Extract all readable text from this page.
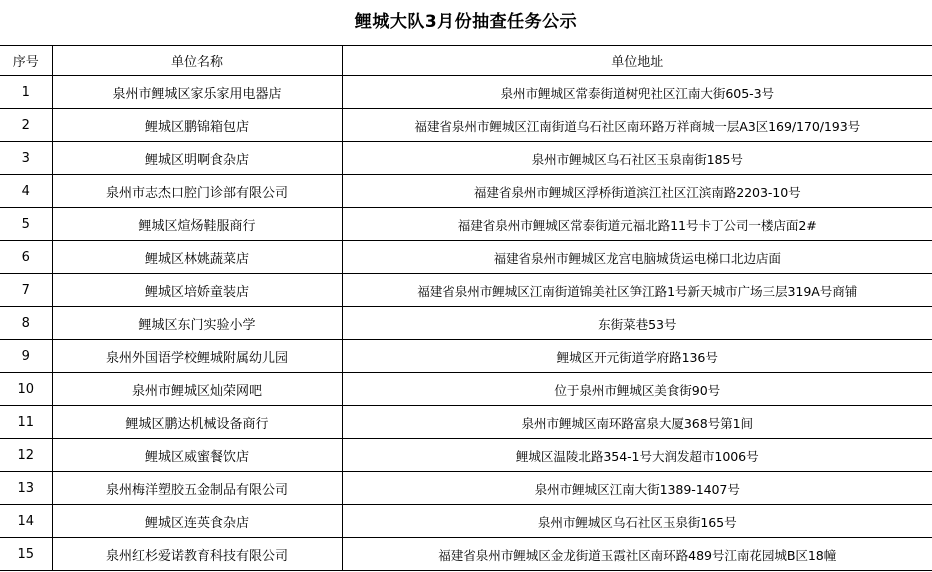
鲤城大队3月份抽查任务公示
序号	单位名称	单位地址
1	泉州市鲤城区家乐家用电器店	泉州市鲤城区常泰街道树兜社区江南大街605-3号
2	鲤城区鹏锦箱包店	福建省泉州市鲤城区江南街道乌石社区南环路万祥商城一层A3区169/170/193号
3	鲤城区明啊食杂店	泉州市鲤城区乌石社区玉泉南街185号
4	泉州市志杰口腔门诊部有限公司	福建省泉州市鲤城区浮桥街道滨江社区江滨南路2203-10号
5	鲤城区煊炀鞋服商行	福建省泉州市鲤城区常泰街道元福北路11号卡丁公司一楼店面2#
6	鲤城区林姚蔬菜店	福建省泉州市鲤城区龙宫电脑城货运电梯口北边店面
7	鲤城区培娇童装店	福建省泉州市鲤城区江南街道锦美社区笋江路1号新天城市广场三层319A号商铺
8	鲤城区东门实验小学	东街菜巷53号
9	泉州外国语学校鲤城附属幼儿园	鲤城区开元街道学府路136号
10	泉州市鲤城区灿荣网吧	位于泉州市鲤城区美食街90号
11	鲤城区鹏达机械设备商行	泉州市鲤城区南环路富泉大厦368号第1间
12	鲤城区威蜜餐饮店	鲤城区温陵北路354-1号大润发超市1006号
13	泉州梅洋塑胶五金制品有限公司	泉州市鲤城区江南大街1389-1407号
14	鲤城区连英食杂店	泉州市鲤城区乌石社区玉泉街165号
15	泉州红杉爱诺教育科技有限公司	福建省泉州市鲤城区金龙街道玉霞社区南环路489号江南花园城B区18幢
